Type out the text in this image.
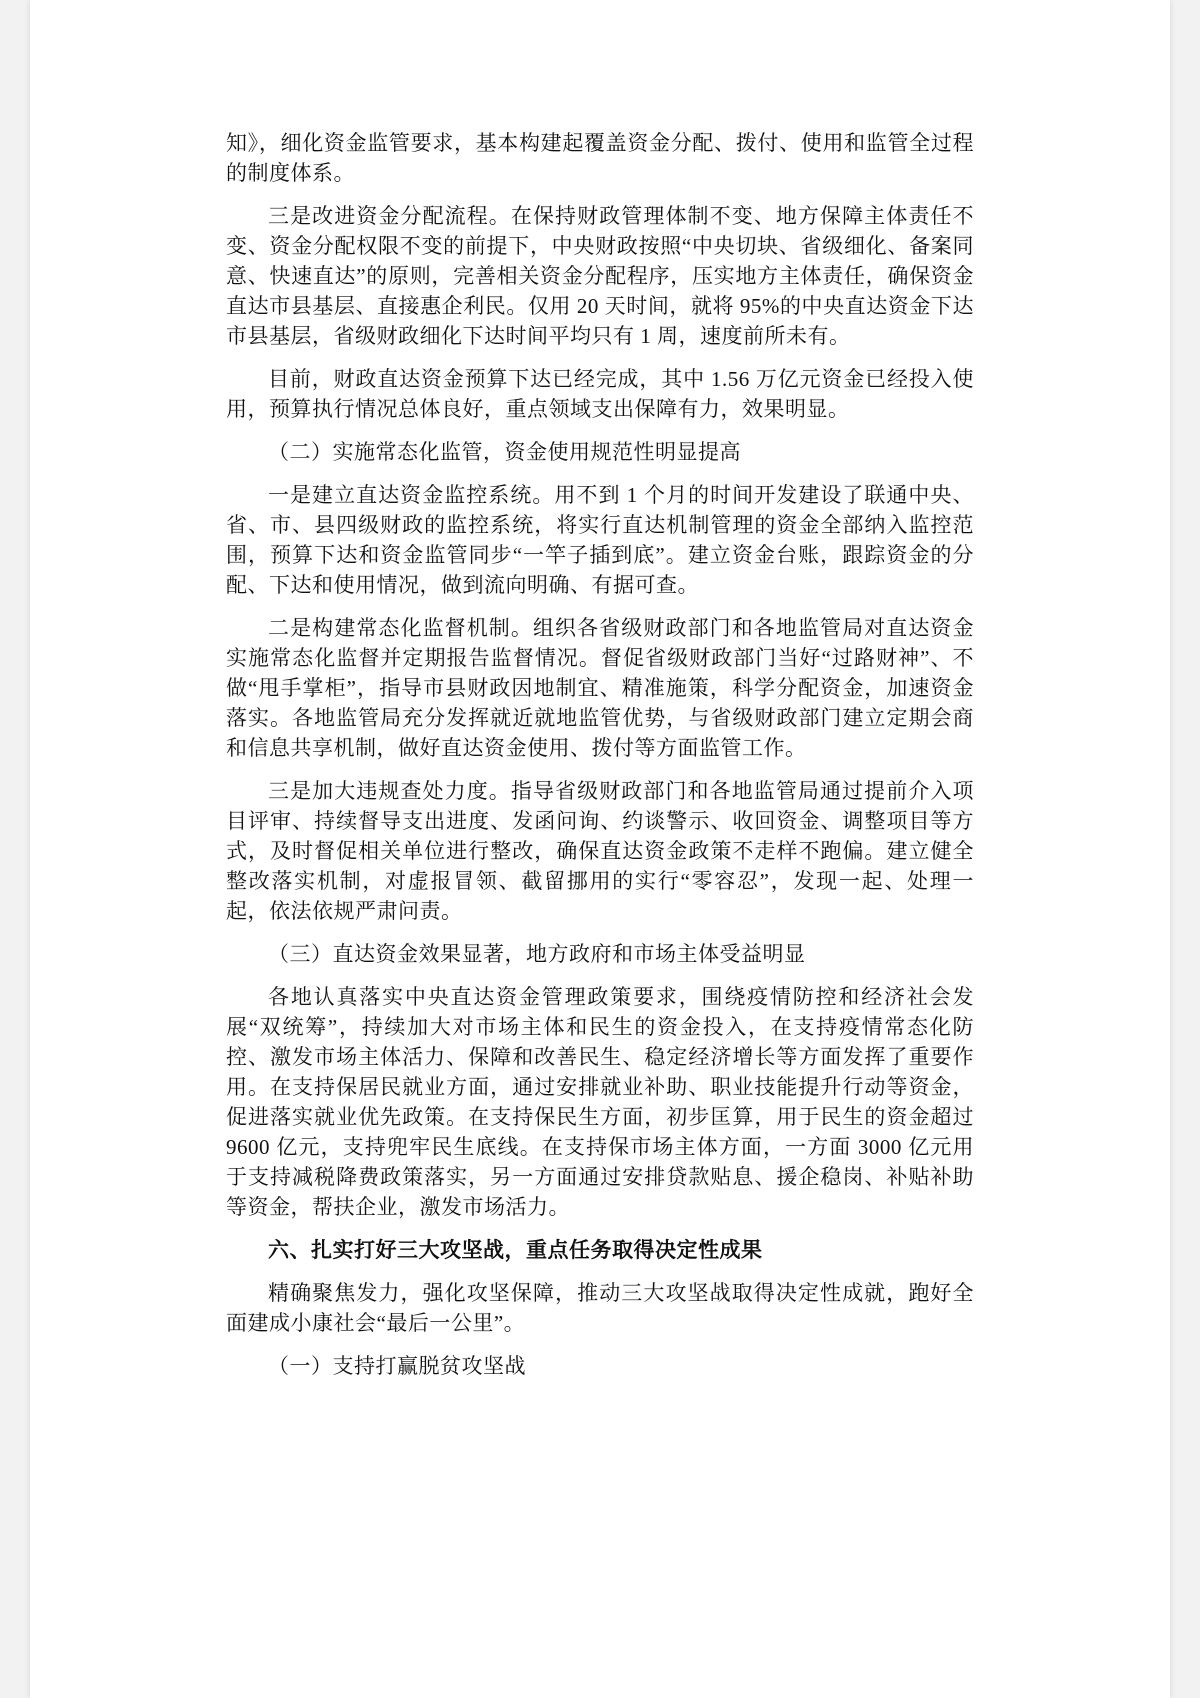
知》，细化资金监管要求，基本构建起覆盖资金分配、拨付、使用和监管全过程的制度体系。

三是改进资金分配流程。在保持财政管理体制不变、地方保障主体责任不变、资金分配权限不变的前提下，中央财政按照“中央切块、省级细化、备案同意、快速直达”的原则，完善相关资金分配程序，压实地方主体责任，确保资金直达市县基层、直接惠企利民。仅用 20 天时间，就将 95%的中央直达资金下达市县基层，省级财政细化下达时间平均只有 1 周，速度前所未有。

目前，财政直达资金预算下达已经完成，其中 1.56 万亿元资金已经投入使用，预算执行情况总体良好，重点领域支出保障有力，效果明显。

（二）实施常态化监管，资金使用规范性明显提高

一是建立直达资金监控系统。用不到 1 个月的时间开发建设了联通中央、省、市、县四级财政的监控系统，将实行直达机制管理的资金全部纳入监控范围，预算下达和资金监管同步“一竿子插到底”。建立资金台账，跟踪资金的分配、下达和使用情况，做到流向明确、有据可查。

二是构建常态化监督机制。组织各省级财政部门和各地监管局对直达资金实施常态化监督并定期报告监督情况。督促省级财政部门当好“过路财神”、不做“甩手掌柜”，指导市县财政因地制宜、精准施策，科学分配资金，加速资金落实。各地监管局充分发挥就近就地监管优势，与省级财政部门建立定期会商和信息共享机制，做好直达资金使用、拨付等方面监管工作。

三是加大违规查处力度。指导省级财政部门和各地监管局通过提前介入项目评审、持续督导支出进度、发函问询、约谈警示、收回资金、调整项目等方式，及时督促相关单位进行整改，确保直达资金政策不走样不跑偏。建立健全整改落实机制，对虚报冒领、截留挪用的实行“零容忍”，发现一起、处理一起，依法依规严肃问责。

（三）直达资金效果显著，地方政府和市场主体受益明显

各地认真落实中央直达资金管理政策要求，围绕疫情防控和经济社会发展“双统筹”，持续加大对市场主体和民生的资金投入，在支持疫情常态化防控、激发市场主体活力、保障和改善民生、稳定经济增长等方面发挥了重要作用。在支持保居民就业方面，通过安排就业补助、职业技能提升行动等资金，促进落实就业优先政策。在支持保民生方面，初步匡算，用于民生的资金超过 9600 亿元，支持兜牢民生底线。在支持保市场主体方面，一方面 3000 亿元用于支持减税降费政策落实，另一方面通过安排贷款贴息、援企稳岗、补贴补助等资金，帮扶企业，激发市场活力。

六、扎实打好三大攻坚战，重点任务取得决定性成果

精确聚焦发力，强化攻坚保障，推动三大攻坚战取得决定性成就，跑好全面建成小康社会“最后一公里”。

（一）支持打赢脱贫攻坚战
